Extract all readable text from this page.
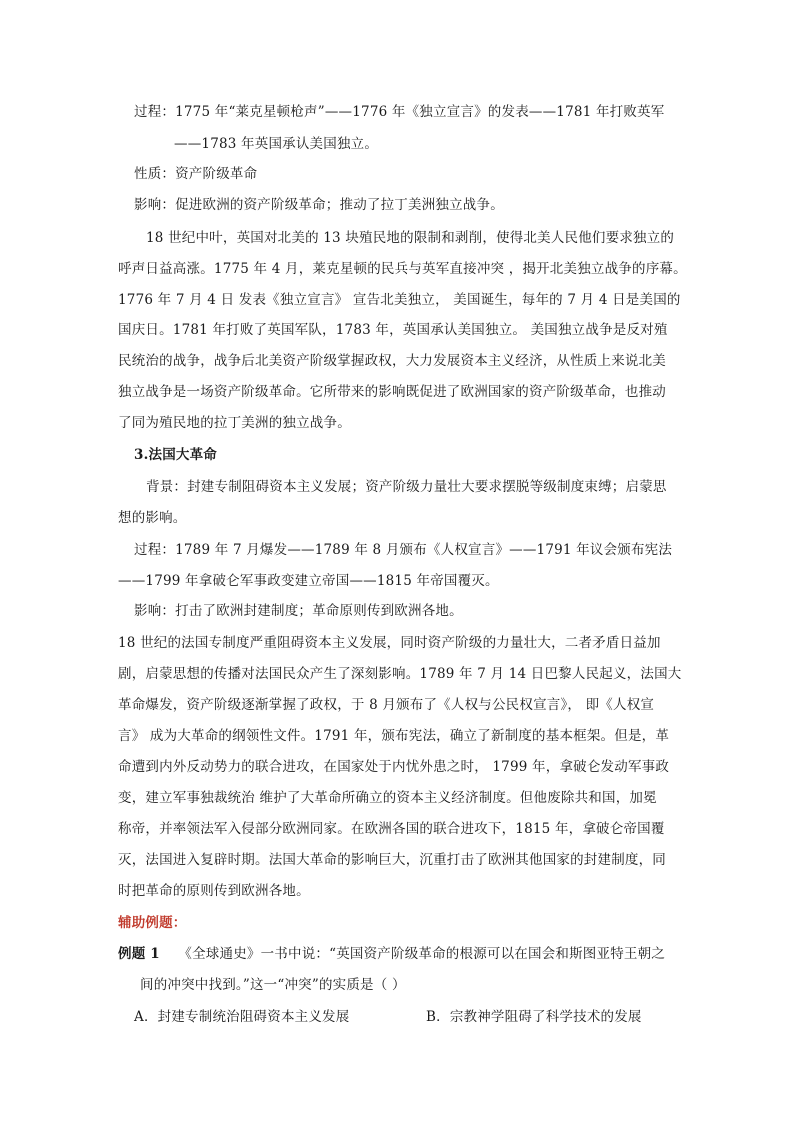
过程：1775 年“莱克星顿枪声”——1776 年《独立宣言》的发表——1781 年打败英军
——1783 年英国承认美国独立。
性质：资产阶级革命
影响：促进欧洲的资产阶级革命；推动了拉丁美洲独立战争。
18 世纪中叶，英国对北美的 13 块殖民地的限制和剥削，使得北美人民他们要求独立的
呼声日益高涨。1775 年 4 月，莱克星顿的民兵与英军直接冲突 ，揭开北美独立战争的序幕。
1776 年 7 月 4 日 发表《独立宣言》 宣告北美独立， 美国诞生，每年的 7 月 4 日是美国的
国庆日。1781 年打败了英国军队，1783 年，英国承认美国独立。 美国独立战争是反对殖
民统治的战争，战争后北美资产阶级掌握政权，大力发展资本主义经济，从性质上来说北美
独立战争是一场资产阶级革命。它所带来的影响既促进了欧洲国家的资产阶级革命，也推动
了同为殖民地的拉丁美洲的独立战争。
3.法国大革命
背景：封建专制阻碍资本主义发展；资产阶级力量壮大要求摆脱等级制度束缚；启蒙思
想的影响。
过程：1789 年 7 月爆发——1789 年 8 月颁布《人权宣言》——1791 年议会颁布宪法
——1799 年拿破仑军事政变建立帝国——1815 年帝国覆灭。
影响：打击了欧洲封建制度；革命原则传到欧洲各地。
18 世纪的法国专制度严重阻碍资本主义发展，同时资产阶级的力量壮大，二者矛盾日益加
剧，启蒙思想的传播对法国民众产生了深刻影响。1789 年 7 月 14 日巴黎人民起义，法国大
革命爆发，资产阶级逐渐掌握了政权，于 8 月颁布了《人权与公民权宣言》， 即《人权宣
言》 成为大革命的纲领性文件。1791 年，颁布宪法，确立了新制度的基本框架。但是，革
命遭到内外反动势力的联合进攻，在国家处于内忧外患之时， 1799 年，拿破仑发动军事政
变，建立军事独裁统治 维护了大革命所确立的资本主义经济制度。但他废除共和国，加冕
称帝，并率领法军入侵部分欧洲同家。在欧洲各国的联合进攻下，1815 年，拿破仑帝国覆
灭，法国进入复辟时期。法国大革命的影响巨大，沉重打击了欧洲其他国家的封建制度，同
时把革命的原则传到欧洲各地。
辅助例题：
例题 1 《全球通史》一书中说：“英国资产阶级革命的根源可以在国会和斯图亚特王朝之
间的冲突中找到。”这一“冲突”的实质是（ ）
A．封建专制统治阻碍资本主义发展	B．宗教神学阻碍了科学技术的发展
